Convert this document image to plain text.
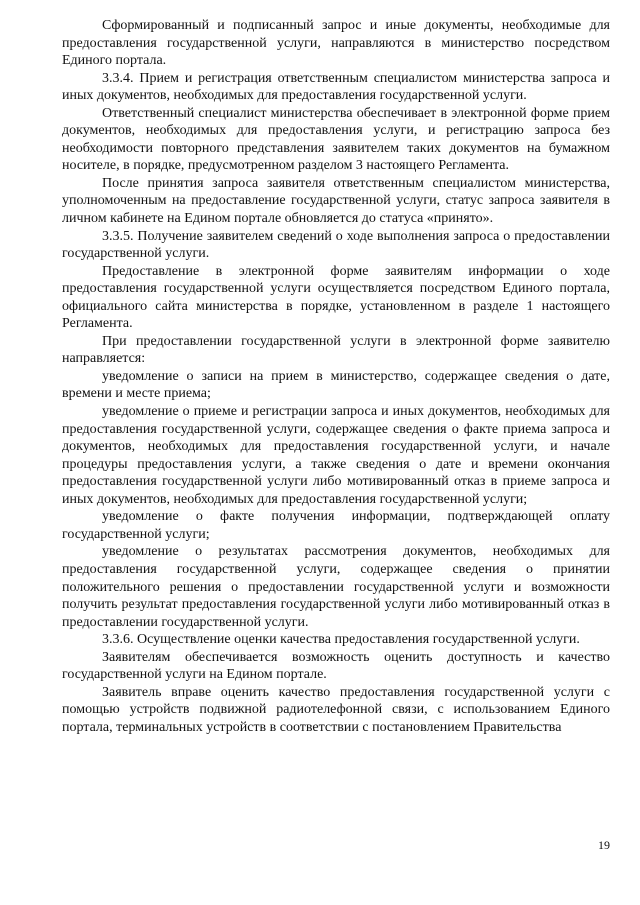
Сформированный и подписанный запрос и иные документы, необходимые для предоставления государственной услуги, направляются в министерство посредством Единого портала.

3.3.4. Прием и регистрация ответственным специалистом министерства запроса и иных документов, необходимых для предоставления государственной услуги.

Ответственный специалист министерства обеспечивает в электронной форме прием документов, необходимых для предоставления услуги, и регистрацию запроса без необходимости повторного представления заявителем таких документов на бумажном носителе, в порядке, предусмотренном разделом 3 настоящего Регламента.

После принятия запроса заявителя ответственным специалистом министерства, уполномоченным на предоставление государственной услуги, статус запроса заявителя в личном кабинете на Едином портале обновляется до статуса «принято».

3.3.5. Получение заявителем сведений о ходе выполнения запроса о предоставлении государственной услуги.

Предоставление в электронной форме заявителям информации о ходе предоставления государственной услуги осуществляется посредством Единого портала, официального сайта министерства в порядке, установленном в разделе 1 настоящего Регламента.

При предоставлении государственной услуги в электронной форме заявителю направляется:

уведомление о записи на прием в министерство, содержащее сведения о дате, времени и месте приема;

уведомление о приеме и регистрации запроса и иных документов, необходимых для предоставления государственной услуги, содержащее сведения о факте приема запроса и документов, необходимых для предоставления государственной услуги, и начале процедуры предоставления услуги, а также сведения о дате и времени окончания предоставления государственной услуги либо мотивированный отказ в приеме запроса и иных документов, необходимых для предоставления государственной услуги;

уведомление о факте получения информации, подтверждающей оплату государственной услуги;

уведомление о результатах рассмотрения документов, необходимых для предоставления государственной услуги, содержащее сведения о принятии положительного решения о предоставлении государственной услуги и возможности получить результат предоставления государственной услуги либо мотивированный отказ в предоставлении государственной услуги.

3.3.6. Осуществление оценки качества предоставления государственной услуги.

Заявителям обеспечивается возможность оценить доступность и качество государственной услуги на Едином портале.

Заявитель вправе оценить качество предоставления государственной услуги с помощью устройств подвижной радиотелефонной связи, с использованием Единого портала, терминальных устройств в соответствии с постановлением Правительства

19
